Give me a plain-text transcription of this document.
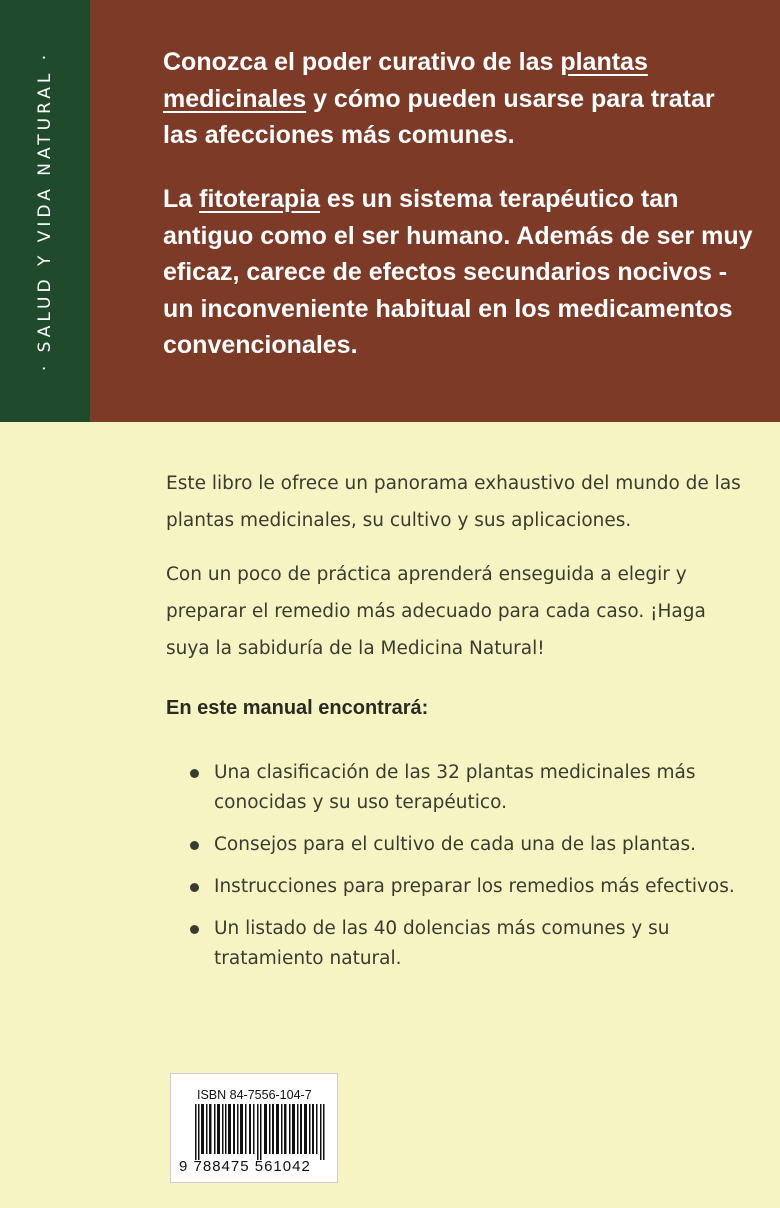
· SALUD Y VIDA NATURAL ·	Conozca el poder curativo de las plantas medicinales y cómo pueden usarse para tratar las afecciones más comunes.

La fitoterapia es un sistema terapéutico tan antiguo como el ser humano. Además de ser muy eficaz, carece de efectos secundarios nocivos -un inconveniente habitual en los medicamentos convencionales.

Este libro le ofrece un panorama exhaustivo del mundo de las plantas medicinales, su cultivo y sus aplicaciones.

Con un poco de práctica aprenderá enseguida a elegir y preparar el remedio más adecuado para cada caso. ¡Haga suya la sabiduría de la Medicina Natural!

En este manual encontrará:
Una clasificación de las 32 plantas medicinales más conocidas y su uso terapéutico.
Consejos para el cultivo de cada una de las plantas.
Instrucciones para preparar los remedios más efectivos.
Un listado de las 40 dolencias más comunes y su tratamiento natural.

ISBN 84-7556-104-7

9 788475 561042
